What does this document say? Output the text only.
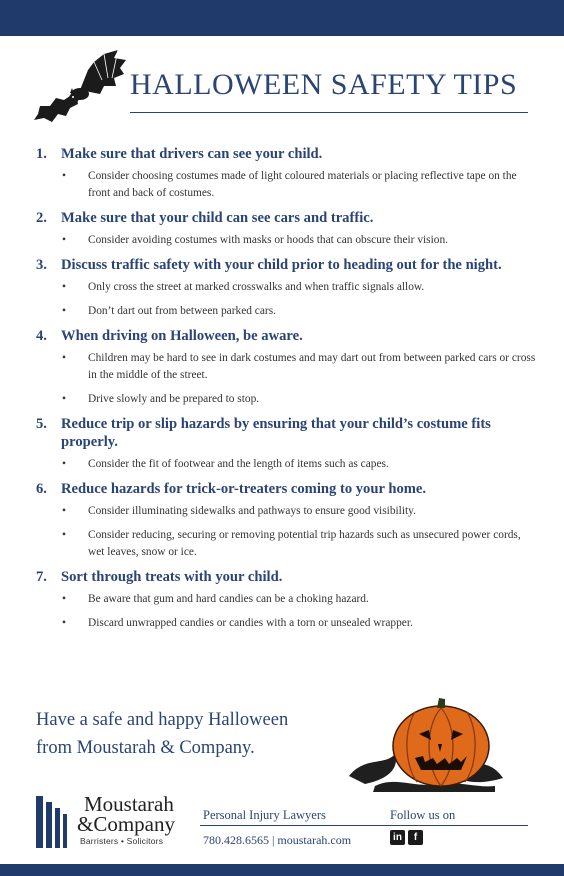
HALLOWEEN SAFETY TIPS
1. Make sure that drivers can see your child.
•	Consider choosing costumes made of light coloured materials or placing reflective tape on the front and back of costumes.
2. Make sure that your child can see cars and traffic.
•	Consider avoiding costumes with masks or hoods that can obscure their vision.
3. Discuss traffic safety with your child prior to heading out for the night.
•	Only cross the street at marked crosswalks and when traffic signals allow.
•	Don’t dart out from between parked cars.
4. When driving on Halloween, be aware.
•	Children may be hard to see in dark costumes and may dart out from between parked cars or cross in the middle of the street.
•	Drive slowly and be prepared to stop.
5. Reduce trip or slip hazards by ensuring that your child’s costume fits properly.
•	Consider the fit of footwear and the length of items such as capes.
6. Reduce hazards for trick-or-treaters coming to your home.
•	Consider illuminating sidewalks and pathways to ensure good visibility.
•	Consider reducing, securing or removing potential trip hazards such as unsecured power cords, wet leaves, snow or ice.
7. Sort through treats with your child.
•	Be aware that gum and hard candies can be a choking hazard.
•	Discard unwrapped candies or candies with a torn or unsealed wrapper.
Have a safe and happy Halloween
from Moustarah & Company.
Moustarah
&Company
Barristers • Solicitors
Personal Injury Lawyers	Follow us on
780.428.6565 | moustarah.com	in	f
